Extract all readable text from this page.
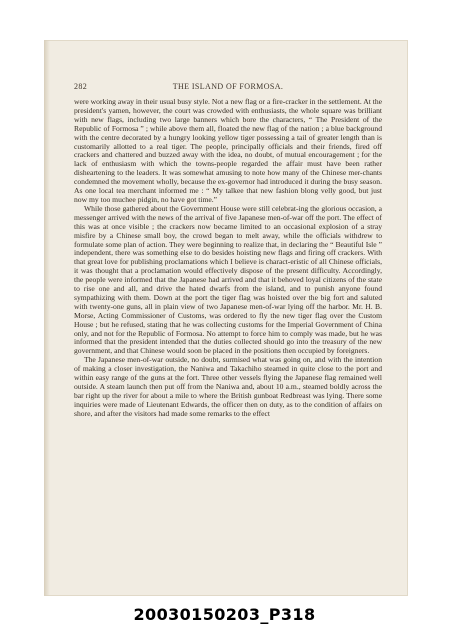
282	THE ISLAND OF FORMOSA.

were working away in their usual busy style. Not a new flag or a fire-cracker in the settlement. At the president's yamen, however, the court was crowded with enthusiasts, the whole square was brilliant with new flags, including two large banners which bore the characters, “ The President of the Republic of Formosa ” ; while above them all, floated the new flag of the nation ; a blue background with the centre decorated by a hungry looking yellow tiger possessing a tail of greater length than is customarily allotted to a real tiger. The people, principally officials and their friends, fired off crackers and chattered and buzzed away with the idea, no doubt, of mutual encouragement ; for the lack of enthusiasm with which the towns-people regarded the affair must have been rather disheartening to the leaders. It was somewhat amusing to note how many of the Chinese mer-chants condemned the movement wholly, because the ex-governor had introduced it during the busy season. As one local tea merchant informed me : “ My talkee that new fashion blong velly good, but just now my too muchee pidgin, no have got time.”

While those gathered about the Government House were still celebrat-ing the glorious occasion, a messenger arrived with the news of the arrival of five Japanese men-of-war off the port. The effect of this was at once visible ; the crackers now became limited to an occasional explosion of a stray misfire by a Chinese small boy, the crowd began to melt away, while the officials withdrew to formulate some plan of action. They were beginning to realize that, in declaring the “ Beautiful Isle ” independent, there was something else to do besides hoisting new flags and firing off crackers. With that great love for publishing proclamations which I believe is charact-eristic of all Chinese officials, it was thought that a proclamation would effectively dispose of the present difficulty. Accordingly, the people were informed that the Japanese had arrived and that it behoved loyal citizens of the state to rise one and all, and drive the hated dwarfs from the island, and to punish anyone found sympathizing with them. Down at the port the tiger flag was hoisted over the big fort and saluted with twenty-one guns, all in plain view of two Japanese men-of-war lying off the harbor. Mr. H. B. Morse, Acting Commissioner of Customs, was ordered to fly the new tiger flag over the Custom House ; but he refused, stating that he was collecting customs for the Imperial Government of China only, and not for the Republic of Formosa. No attempt to force him to comply was made, but he was informed that the president intended that the duties collected should go into the treasury of the new government, and that Chinese would soon be placed in the positions then occupied by foreigners.

The Japanese men-of-war outside, no doubt, surmised what was going on, and with the intention of making a closer investigation, the Naniwa and Takachiho steamed in quite close to the port and within easy range of the guns at the fort. Three other vessels flying the Japanese flag remained well outside. A steam launch then put off from the Naniwa and, about 10 a.m., steamed boldly across the bar right up the river for about a mile to where the British gunboat Redbreast was lying. There some inquiries were made of Lieutenant Edwards, the officer then on duty, as to the condition of affairs on shore, and after the visitors had made some remarks to the effect

20030150203_P318
